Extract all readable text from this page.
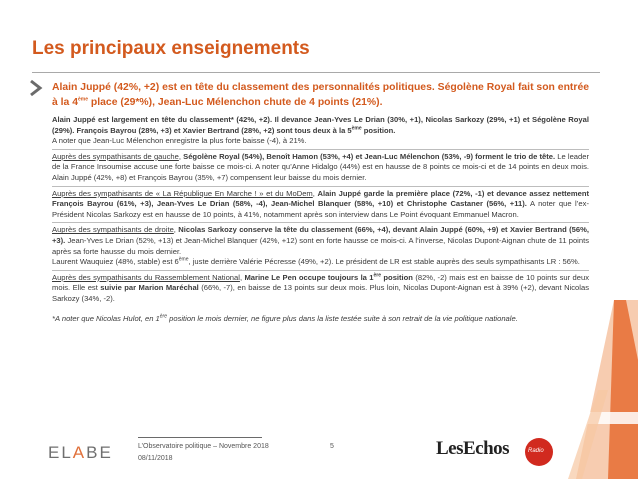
Les principaux enseignements
Alain Juppé (42%, +2) est en tête du classement des personnalités politiques. Ségolène Royal fait son entrée à la 4ème place (29*%), Jean-Luc Mélenchon chute de 4 points (21%).
Alain Juppé est largement en tête du classement* (42%, +2). Il devance Jean-Yves Le Drian (30%, +1), Nicolas Sarkozy (29%, +1) et Ségolène Royal (29%). François Bayrou (28%, +3) et Xavier Bertrand (28%, +2) sont tous deux à la 5ème position.
A noter que Jean-Luc Mélenchon enregistre la plus forte baisse (-4), à 21%.
Auprès des sympathisants de gauche, Ségolène Royal (54%), Benoît Hamon (53%, +4) et Jean-Luc Mélenchon (53%, -9) forment le trio de tête. Le leader de la France Insoumise accuse une forte baisse ce mois-ci. A noter qu’Anne Hidalgo (44%) est en hausse de 8 points ce mois-ci et de 14 points en deux mois. Alain Juppé (42%, +8) et François Bayrou (35%, +7) compensent leur baisse du mois dernier.
Auprès des sympathisants de « La République En Marche ! » et du MoDem, Alain Juppé garde la première place (72%, -1) et devance assez nettement François Bayrou (61%, +3), Jean-Yves Le Drian (58%, -4), Jean-Michel Blanquer (58%, +10) et Christophe Castaner (56%, +11). A noter que l’ex-Président Nicolas Sarkozy est en hausse de 10 points, à 41%, notamment après son interview dans Le Point évoquant Emmanuel Macron.
Auprès des sympathisants de droite, Nicolas Sarkozy conserve la tête du classement (66%, +4), devant Alain Juppé (60%, +9) et Xavier Bertrand (56%, +3). Jean-Yves Le Drian (52%, +13) et Jean-Michel Blanquer (42%, +12) sont en forte hausse ce mois-ci. A l’inverse, Nicolas Dupont-Aignan chute de 11 points après sa forte hausse du mois dernier.
Laurent Wauquiez (48%, stable) est 6ème, juste derrière Valérie Pécresse (49%, +2). Le président de LR est stable auprès des seuls sympathisants LR : 56%.
Auprès des sympathisants du Rassemblement National, Marine Le Pen occupe toujours la 1ère position (82%, -2) mais est en baisse de 10 points sur deux mois. Elle est suivie par Marion Maréchal (66%, -7), en baisse de 13 points sur deux mois. Plus loin, Nicolas Dupont-Aignan est à 39% (+2), devant Nicolas Sarkozy (34%, -2).
*A noter que Nicolas Hulot, en 1ère position le mois dernier, ne figure plus dans la liste testée suite à son retrait de la vie politique nationale.
ELABE	L’Observatoire politique – Novembre 2018
08/11/2018
5	LesEchos	Radio
